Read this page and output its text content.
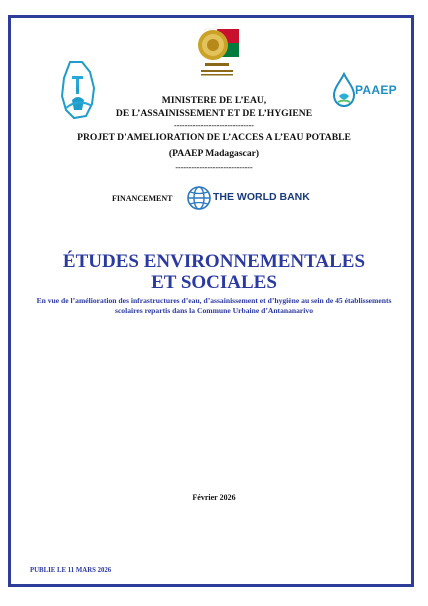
PAAEP
MINISTERE DE L’EAU,
DE L’ASSAINISSEMENT ET DE L’HYGIENE
------------------------------
PROJET D'AMELIORATION DE L’ACCES A L’EAU POTABLE
(PAAEP Madagascar)
-----------------------------
FINANCEMENT	THE WORLD BANK
ÉTUDES ENVIRONNEMENTALES
ET SOCIALES
En vue de l’amélioration des infrastructures d’eau, d’assainissement et d’hygiène au sein de 45 établissements scolaires repartis dans la Commune Urbaine d’Antananarivo
Février 2026
PUBLIE LE 11 MARS 2026
